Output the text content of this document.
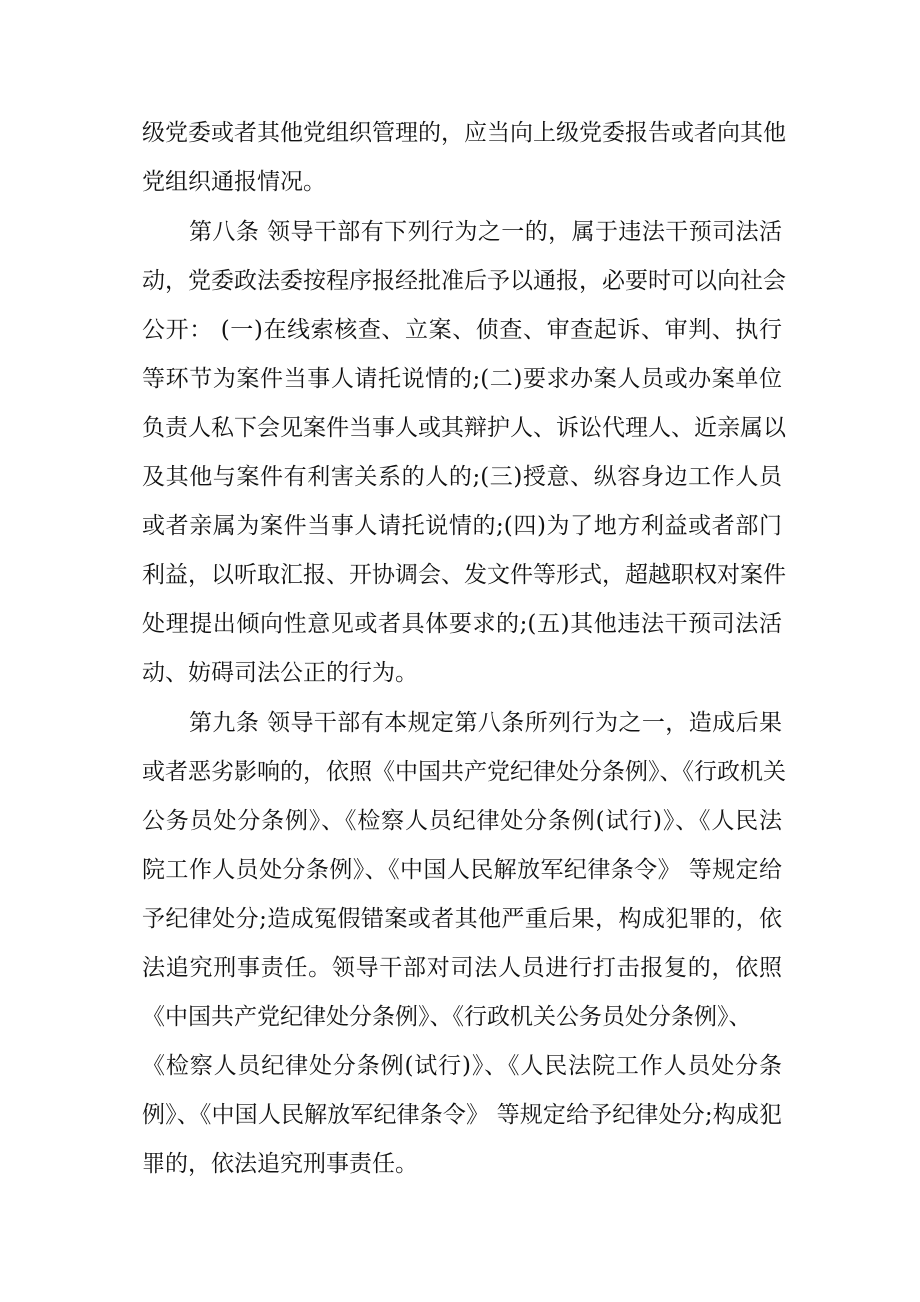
级党委或者其他党组织管理的，应当向上级党委报告或者向其他

党组织通报情况。

第八条 领导干部有下列行为之一的，属于违法干预司法活

动，党委政法委按程序报经批准后予以通报，必要时可以向社会

公开： (一)在线索核查、立案、侦查、审查起诉、审判、执行

等环节为案件当事人请托说情的;(二)要求办案人员或办案单位

负责人私下会见案件当事人或其辩护人、诉讼代理人、近亲属以

及其他与案件有利害关系的人的;(三)授意、纵容身边工作人员

或者亲属为案件当事人请托说情的;(四)为了地方利益或者部门

利益，以听取汇报、开协调会、发文件等形式，超越职权对案件

处理提出倾向性意见或者具体要求的;(五)其他违法干预司法活

动、妨碍司法公正的行为。

第九条 领导干部有本规定第八条所列行为之一，造成后果

或者恶劣影响的，依照《中国共产党纪律处分条例》、《行政机关

公务员处分条例》、《检察人员纪律处分条例(试行)》、《人民法

院工作人员处分条例》、《中国人民解放军纪律条令》 等规定给

予纪律处分;造成冤假错案或者其他严重后果，构成犯罪的，依

法追究刑事责任。领导干部对司法人员进行打击报复的，依照

《中国共产党纪律处分条例》、《行政机关公务员处分条例》、

《检察人员纪律处分条例(试行)》、《人民法院工作人员处分条

例》、《中国人民解放军纪律条令》 等规定给予纪律处分;构成犯

罪的，依法追究刑事责任。
